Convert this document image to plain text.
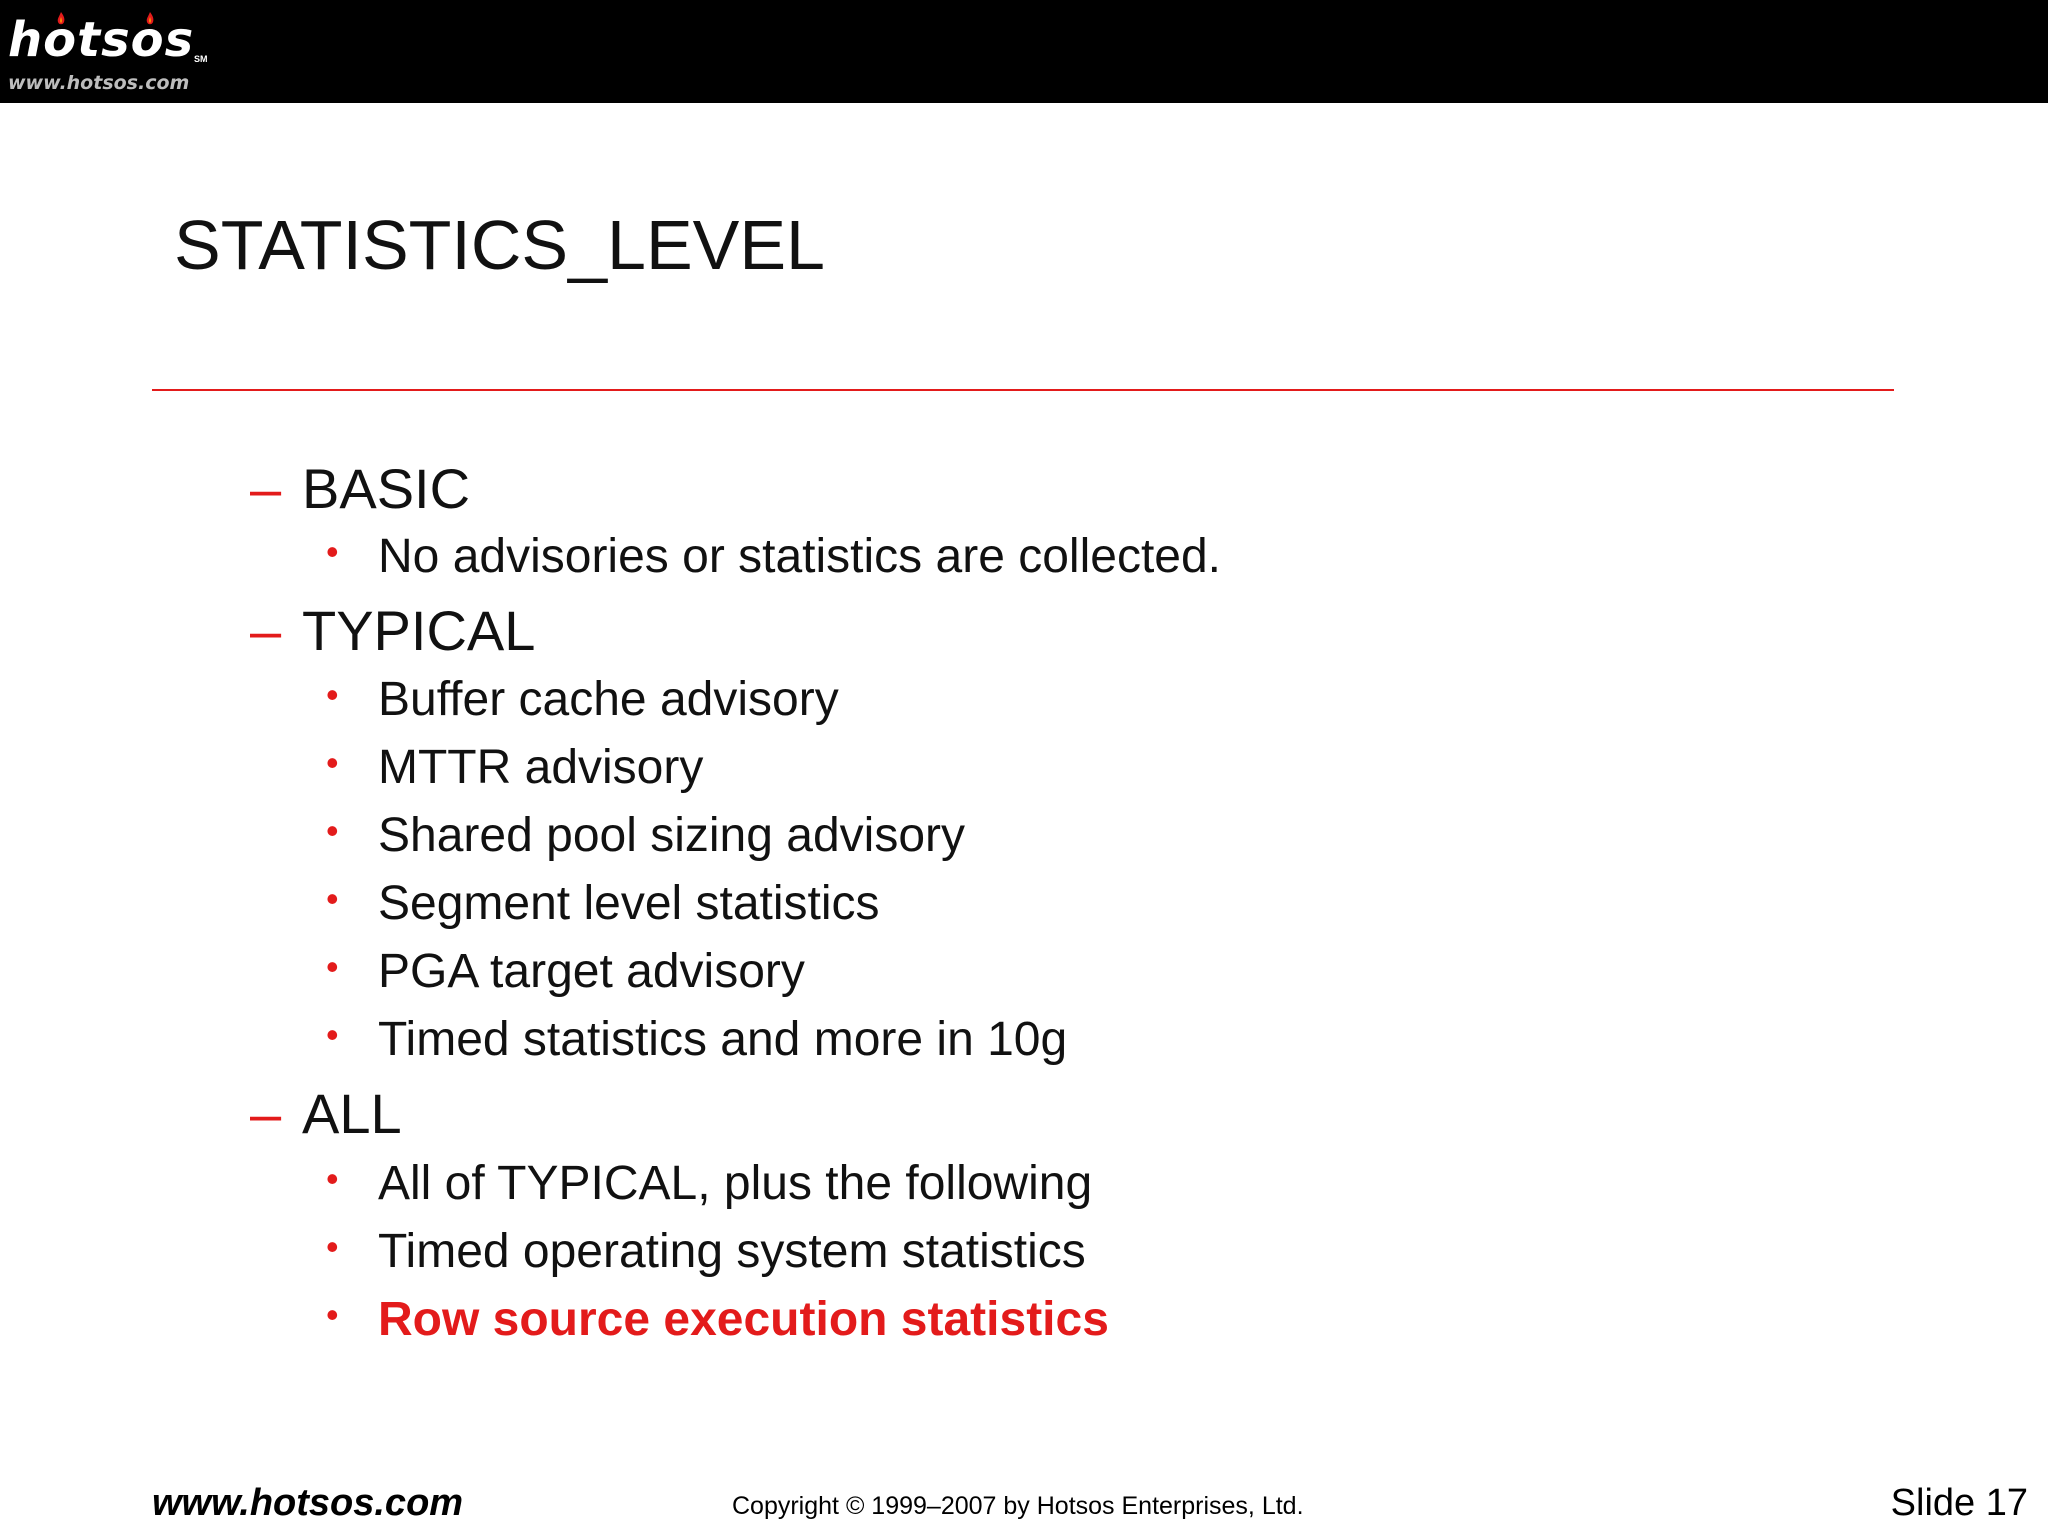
hotsos SM
www.hotsos.com
STATISTICS_LEVEL
– BASIC
• No advisories or statistics are collected.
– TYPICAL
• Buffer cache advisory
• MTTR advisory
• Shared pool sizing advisory
• Segment level statistics
• PGA target advisory
• Timed statistics and more in 10g
– ALL
• All of TYPICAL, plus the following
• Timed operating system statistics
• Row source execution statistics
www.hotsos.com	Copyright © 1999–2007 by Hotsos Enterprises, Ltd.	Slide 17
